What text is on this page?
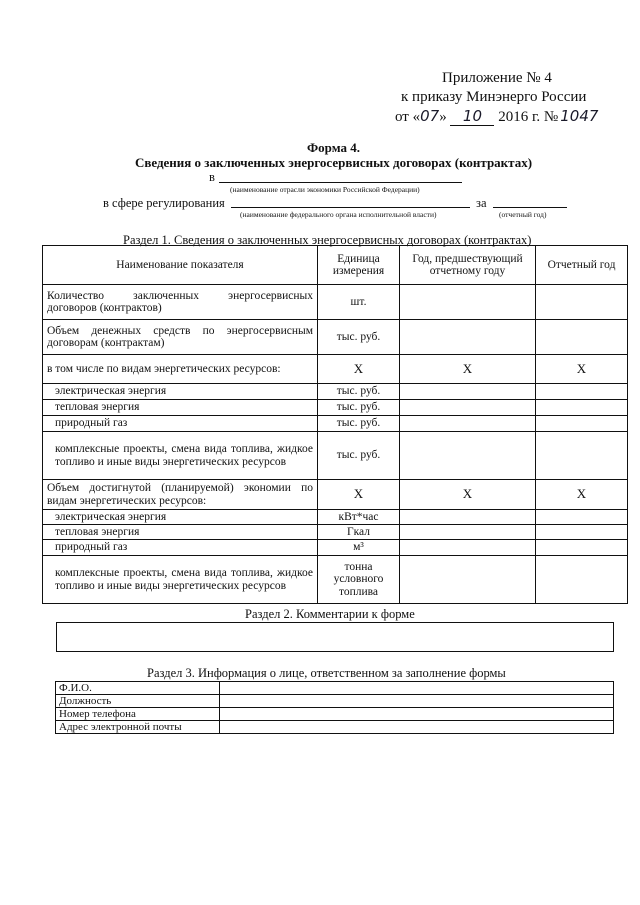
Приложение № 4
к приказу Минэнерго России
от «07» 10 2016 г. № 1047
Форма 4.
Сведения о заключенных энергосервисных договорах (контрактах)
в
(наименование отрасли экономики Российской Федерации)
в сфере регулирования	за
(наименование федерального органа исполнительной власти)	(отчетный год)
Раздел 1. Сведения о заключенных энергосервисных договорах (контрактах)
Наименование показателя	Единица измерения	Год, предшествующий отчетному году	Отчетный год
Количество заключенных энергосервисных договоров (контрактов)	шт.		
Объем денежных средств по энергосервисным договорам (контрактам)	тыс. руб.		
в том числе по видам энергетических ресурсов:	X	X	X
электрическая энергия	тыс. руб.		
тепловая энергия	тыс. руб.		
природный газ	тыс. руб.		
комплексные проекты, смена вида топлива, жидкое топливо и иные виды энергетических ресурсов	тыс. руб.		
Объем достигнутой (планируемой) экономии по видам энергетических ресурсов:	X	X	X
электрическая энергия	кВт*час		
тепловая энергия	Гкал		
природный газ	м³		
комплексные проекты, смена вида топлива, жидкое топливо и иные виды энергетических ресурсов	тонна условного топлива		
Раздел 2. Комментарии к форме
Раздел 3. Информация о лице, ответственном за заполнение формы
Ф.И.О.	
Должность	
Номер телефона	
Адрес электронной почты	
